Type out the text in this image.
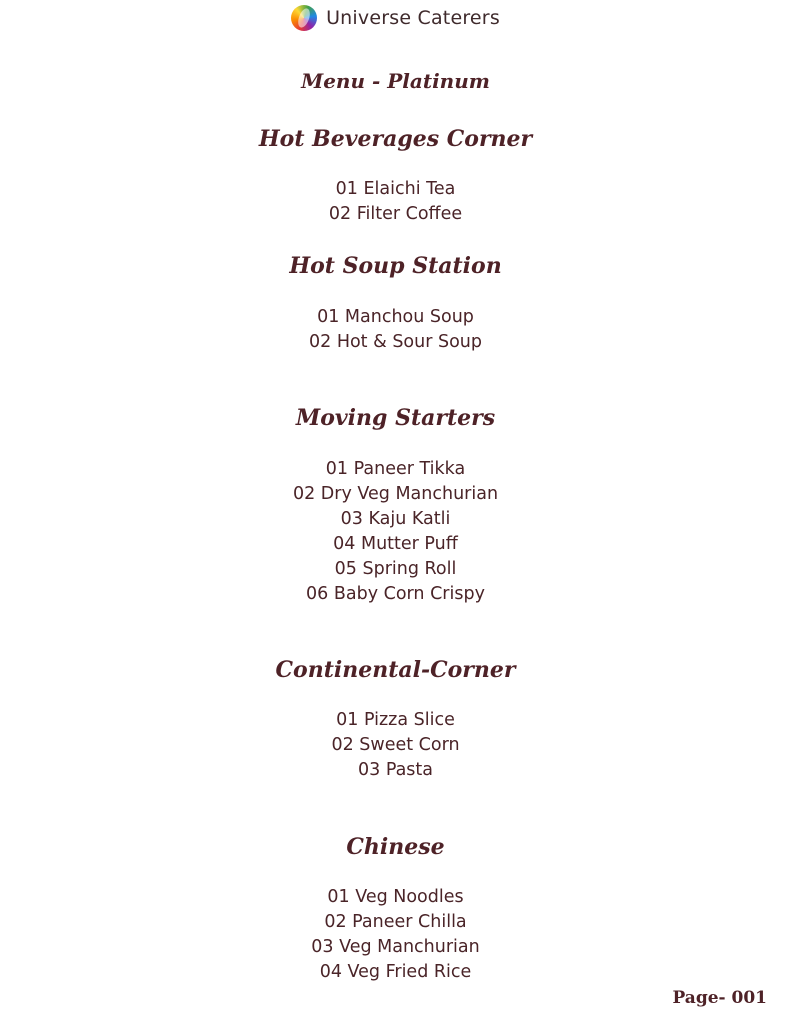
Universe Caterers
Menu - Platinum
Hot Beverages Corner
01 Elaichi Tea
02 Filter Coffee
Hot Soup Station
01 Manchou Soup
02 Hot & Sour Soup
Moving Starters
01 Paneer Tikka
02 Dry Veg Manchurian
03 Kaju Katli
04 Mutter Puff
05 Spring Roll
06 Baby Corn Crispy
Continental-Corner
01 Pizza Slice
02 Sweet Corn
03 Pasta
Chinese
01 Veg Noodles
02 Paneer Chilla
03 Veg Manchurian
04 Veg Fried Rice
Page- 001
